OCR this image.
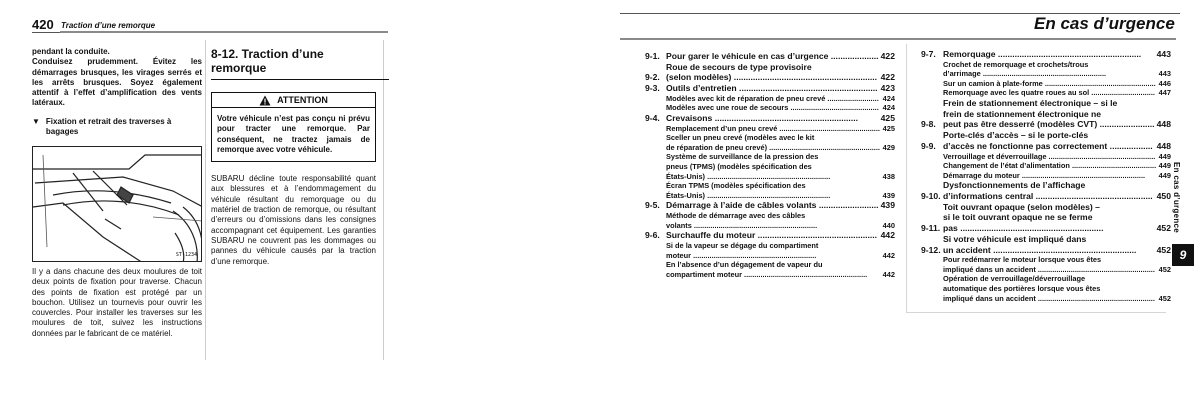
420 Traction d’une remorque
pendant la conduite.
Conduisez prudemment. Évitez les démarrages brusques, les virages serrés et les arrêts brusques. Soyez également attentif à l’effet d’amplification des vents latéraux.
▼ Fixation et retrait des traverses à bagages
ST-1234
Il y a dans chacune des deux moulures de toit deux points de fixation pour traverse. Chacun des points de fixation est protégé par un bouchon. Utilisez un tournevis pour ouvrir les couvercles. Pour installer les traverses sur les moulures de toit, suivez les instructions données par le fabricant de ce matériel.
8-12. Traction d’une remorque
ATTENTION
Votre véhicule n’est pas conçu ni prévu pour tracter une remorque. Par conséquent, ne tractez jamais de remorque avec votre véhicule.
SUBARU décline toute responsabilité quant aux blessures et à l’endommagement du véhicule résultant du remorquage ou du matériel de traction de remorque, ou résultant d’erreurs ou d’omissions dans les consignes accompagnant cet équipement. Les garanties SUBARU ne couvrent pas les dommages ou pannes du véhicule causés par la traction d’une remorque.
En cas d’urgence
9-1. Pour garer le véhicule en cas d’urgence .................... 422
9-2.
Roue de secours de type provisoire
(selon modèles) ............................................................ 422
9-3. Outils d’entretien .......................................................... 423
Modèles avec kit de réparation de pneu crevé ......................... 424
Modèles avec une roue de secours ........................................... 424
9-4. Crevaisons ............................................................	425
Remplacement d’un pneu crevé ................................................. 425
Sceller un pneu crevé (modèles avec le kit
de réparation de pneu crevé) ...................................................... 429
Système de surveillance de la pression des
pneus (TPMS) (modèles spécification des
États-Unis) ............................................................	438
Écran TPMS (modèles spécification des
États-Unis) ............................................................	439
9-5. Démarrage à l’aide de câbles volants ......................... 439
Méthode de démarrage avec des câbles
volants ............................................................	440
9-6. Surchauffe du moteur .................................................. 442
Si de la vapeur se dégage du compartiment
moteur ............................................................	442
En l’absence d’un dégagement de vapeur du
compartiment moteur ............................................................	442
9-7. Remorquage ............................................................	443
Crochet de remorquage et crochets/trous
d’arrimage ............................................................	443
Sur un camion à plate-forme ...................................................... 446
Remorquage avec les quatre roues au sol ............................... 447
9-8.
Frein de stationnement électronique – si le
frein de stationnement électronique ne
peut pas être desserré (modèles CVT) ....................... 448
9-9.
Porte-clés d’accès – si le porte-clés
d’accès ne fonctionne pas correctement .................. 448
Verrouillage et déverrouillage .................................................... 449
Changement de l’état d’alimentation ......................................... 449
Démarrage du moteur ............................................................	449
9-10.
Dysfonctionnements de l’affichage
d’informations central ................................................. 450
9-11.
Toit ouvrant opaque (selon modèles) –
si le toit ouvrant opaque ne se ferme
pas ............................................................	452
9-12.
Si votre véhicule est impliqué dans
un accident ............................................................	452
Pour redémarrer le moteur lorsque vous êtes
impliqué dans un accident ......................................................... 452
Opération de verrouillage/déverrouillage
automatique des portières lorsque vous êtes
impliqué dans un accident ......................................................... 452
En cas d’urgence
9
